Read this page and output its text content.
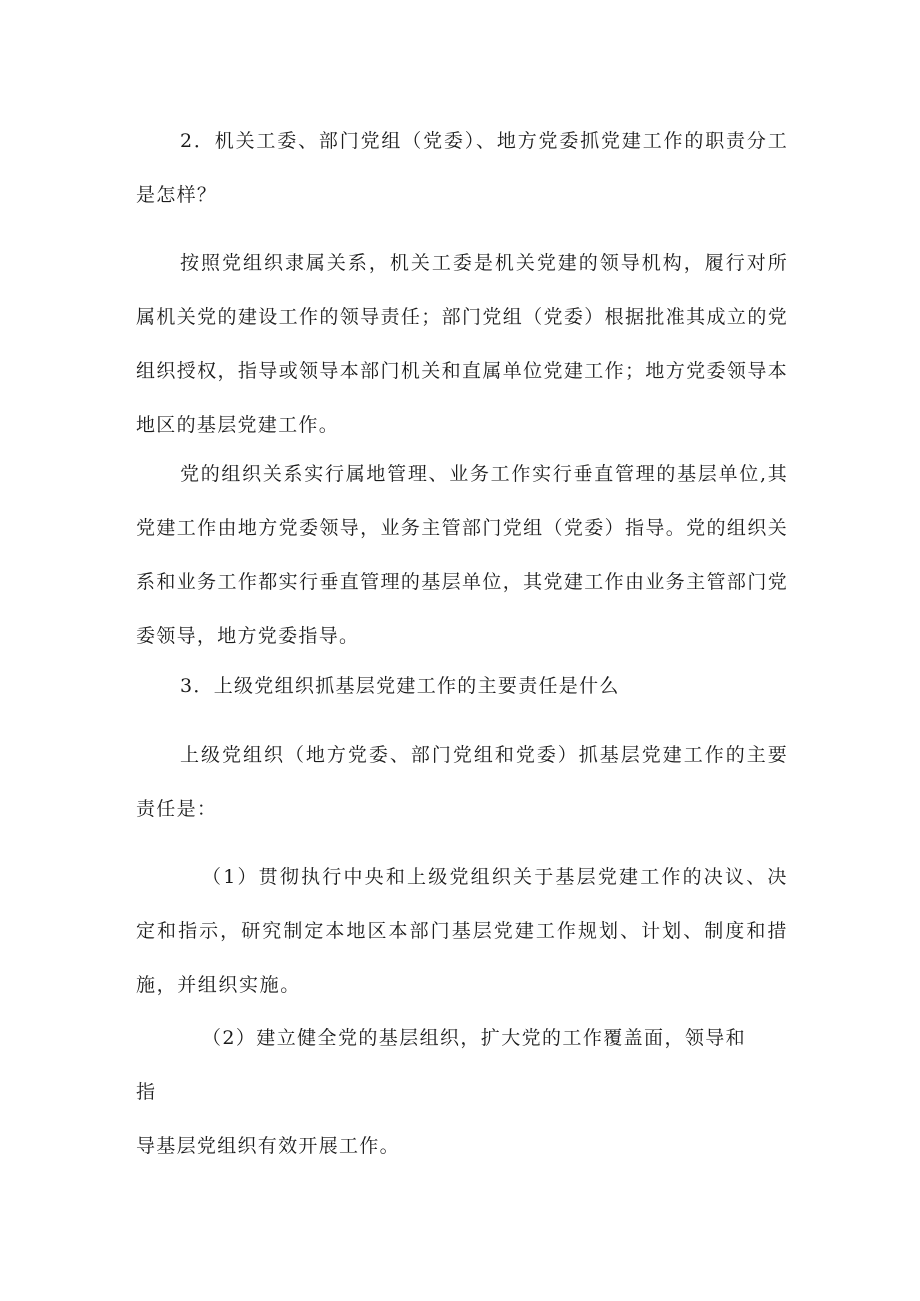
2．机关工委、部门党组（党委）、地方党委抓党建工作的职责分工是怎样？

按照党组织隶属关系，机关工委是机关党建的领导机构，履行对所属机关党的建设工作的领导责任；部门党组（党委）根据批准其成立的党组织授权，指导或领导本部门机关和直属单位党建工作；地方党委领导本地区的基层党建工作。

党的组织关系实行属地管理、业务工作实行垂直管理的基层单位,其党建工作由地方党委领导，业务主管部门党组（党委）指导。党的组织关系和业务工作都实行垂直管理的基层单位，其党建工作由业务主管部门党委领导，地方党委指导。

3．上级党组织抓基层党建工作的主要责任是什么

上级党组织（地方党委、部门党组和党委）抓基层党建工作的主要责任是：

（1）贯彻执行中央和上级党组织关于基层党建工作的决议、决定和指示，研究制定本地区本部门基层党建工作规划、计划、制度和措施，并组织实施。

（2）建立健全党的基层组织，扩大党的工作覆盖面，领导和指
导基层党组织有效开展工作。
